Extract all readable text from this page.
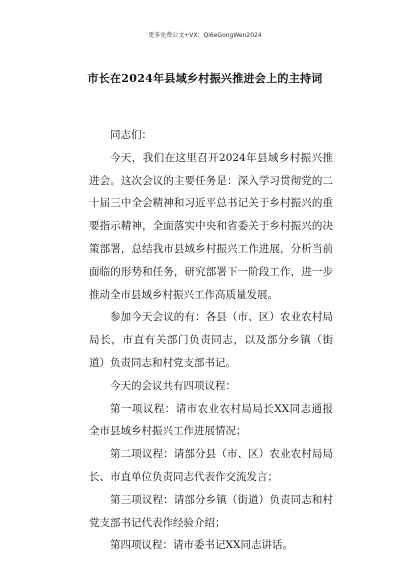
更多免费公文+VX：Qi6eGongWen2024
市长在2024年县域乡村振兴推进会上的主持词

同志们：

今天，我们在这里召开2024年县域乡村振兴推进会。这次会议的主要任务是：深入学习贯彻党的二十届三中全会精神和习近平总书记关于乡村振兴的重要指示精神，全面落实中央和省委关于乡村振兴的决策部署，总结我市县域乡村振兴工作进展，分析当前面临的形势和任务，研究部署下一阶段工作，进一步推动全市县域乡村振兴工作高质量发展。

参加今天会议的有：各县（市、区）农业农村局局长，市直有关部门负责同志，以及部分乡镇（街道）负责同志和村党支部书记。

今天的会议共有四项议程：

第一项议程：请市农业农村局局长XX同志通报全市县域乡村振兴工作进展情况；

第二项议程：请部分县（市、区）农业农村局局长、市直单位负责同志代表作交流发言；

第三项议程：请部分乡镇（街道）负责同志和村党支部书记代表作经验介绍；

第四项议程：请市委书记XX同志讲话。
